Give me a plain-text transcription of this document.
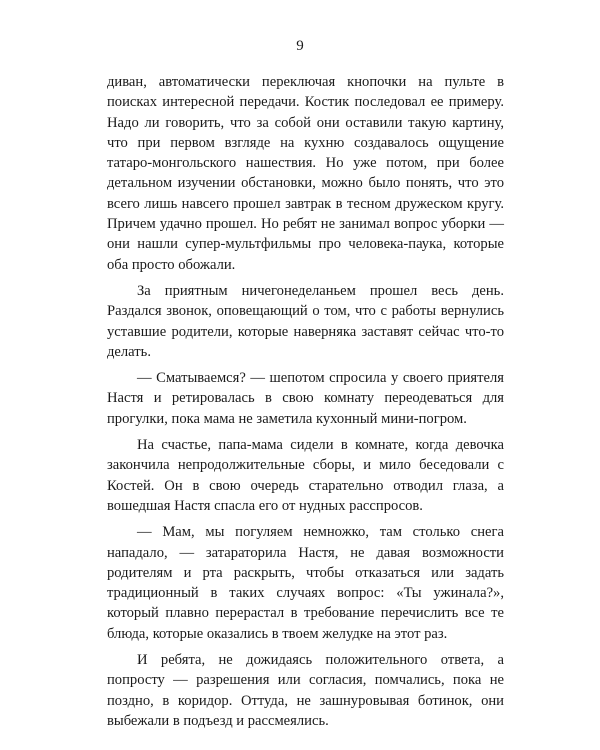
9

диван, автоматически переключая кнопочки на пульте в поисках интересной передачи. Костик последовал ее примеру. Надо ли говорить, что за собой они оставили такую картину, что при первом взгляде на кухню создавалось ощущение татаро-монгольского нашествия. Но уже потом, при более детальном изучении обстановки, можно было понять, что это всего лишь навсего прошел завтрак в тесном дружеском кругу. Причем удачно прошел. Но ребят не занимал вопрос уборки — они нашли супер-мультфильмы про человека-паука, которые оба просто обожали.

За приятным ничегонеделаньем прошел весь день. Раздался звонок, оповещающий о том, что с работы вернулись уставшие родители, которые наверняка заставят сейчас что-то делать.

— Сматываемся? — шепотом спросила у своего приятеля Настя и ретировалась в свою комнату переодеваться для прогулки, пока мама не заметила кухонный мини-погром.

На счастье, папа-мама сидели в комнате, когда девочка закончила непродолжительные сборы, и мило беседовали с Костей. Он в свою очередь старательно отводил глаза, а вошедшая Настя спасла его от нудных расспросов.

— Мам, мы погуляем немножко, там столько снега нападало, — затараторила Настя, не давая возможности родителям и рта раскрыть, чтобы отказаться или задать традиционный в таких случаях вопрос: «Ты ужинала?», который плавно перерастал в требование перечислить все те блюда, которые оказались в твоем желудке на этот раз.

И ребята, не дожидаясь положительного ответа, а попросту — разрешения или согласия, помчались, пока не поздно, в коридор. Оттуда, не зашнуровывая ботинок, они выбежали в подъезд и рассмеялись.
